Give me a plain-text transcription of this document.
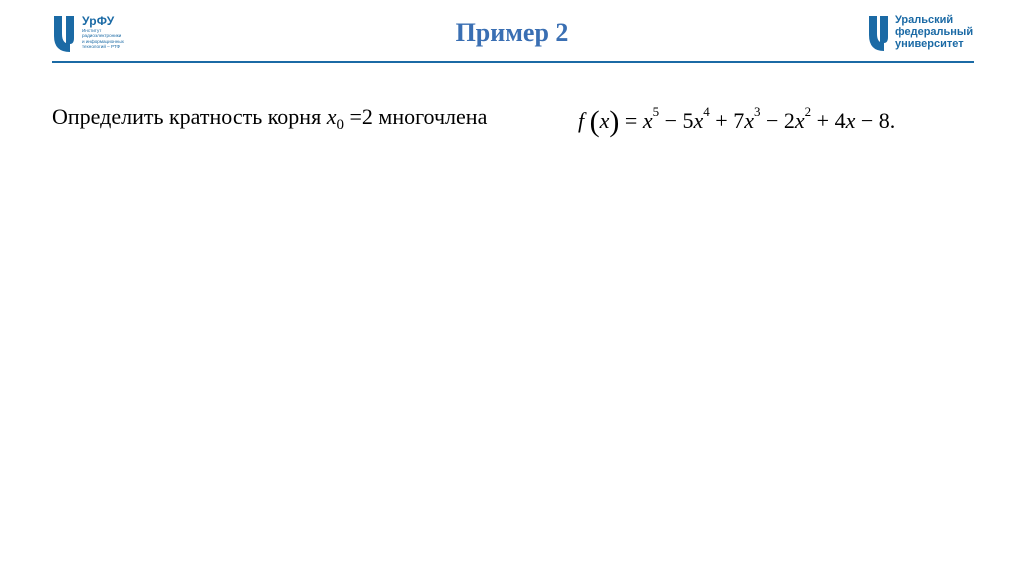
УрФУ
Институт
радиоэлектроники
и информационных
технологий – РТФ	Пример 2	Уральский
федеральный
университет
Определить кратность корня $x_0 =2$ многочлена	f $(x) = x^5 - 5x^4 + 7x^3 - 2x^2 + 4x - 8$.
